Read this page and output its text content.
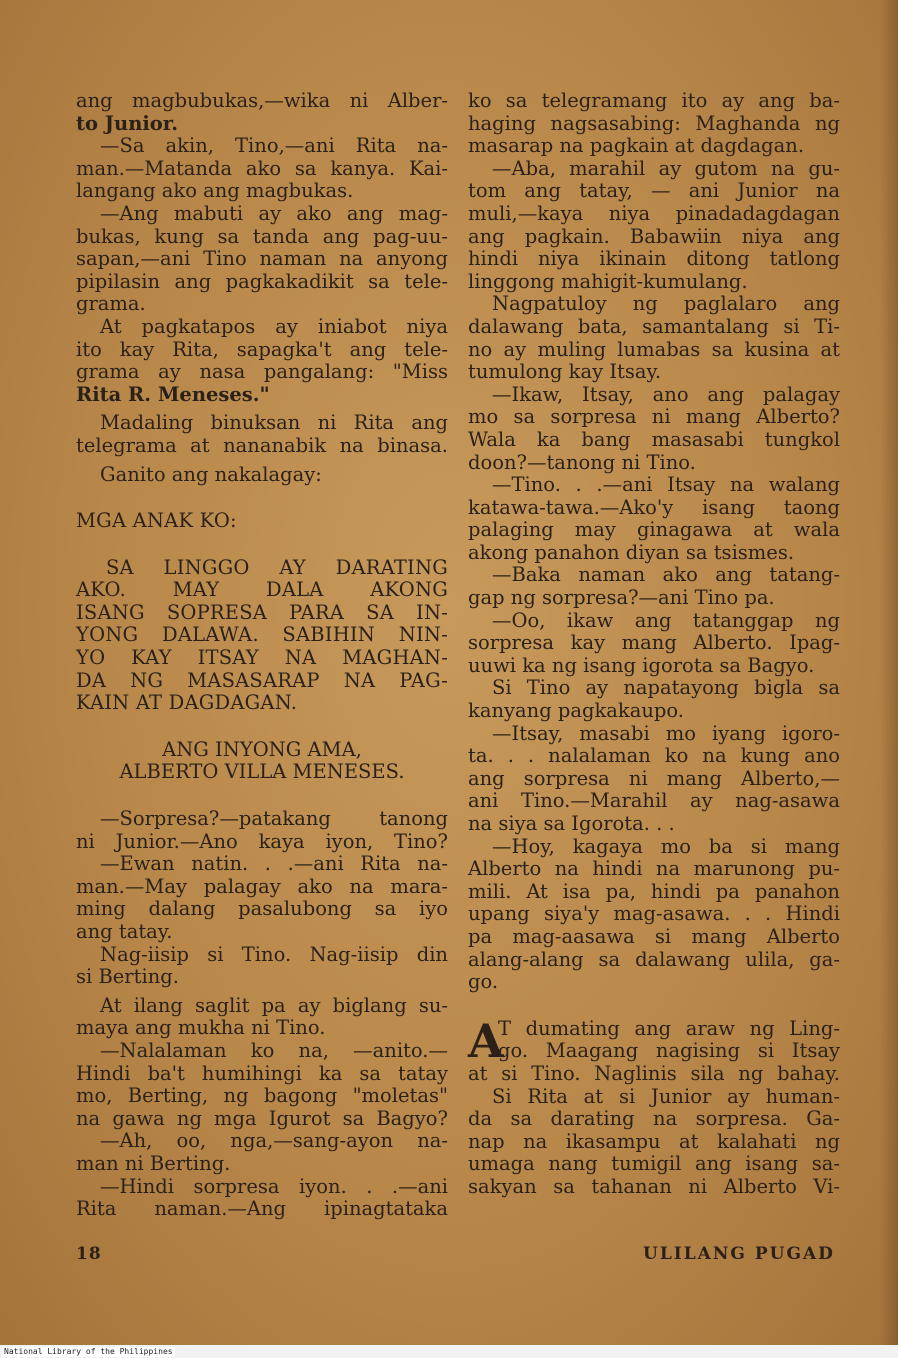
ang magbubukas,—wika ni Alber-
to Junior.
—Sa akin, Tino,—ani Rita na-
man.—Matanda ako sa kanya. Kai-
langang ako ang magbukas.
—Ang mabuti ay ako ang mag-
bukas, kung sa tanda ang pag-uu-
sapan,—ani Tino naman na anyong
pipilasin ang pagkakadikit sa tele-
grama.
At pagkatapos ay iniabot niya
ito kay Rita, sapagka't ang tele-
grama ay nasa pangalang: "Miss
Rita R. Meneses."
Madaling binuksan ni Rita ang
telegrama at nananabik na binasa.
Ganito ang nakalagay:
MGA ANAK KO:
SA LINGGO AY DARATING
AKO. MAY DALA AKONG
ISANG SOPRESA PARA SA IN-
YONG DALAWA. SABIHIN NIN-
YO KAY ITSAY NA MAGHAN-
DA NG MASASARAP NA PAG-
KAIN AT DAGDAGAN.
ANG INYONG AMA,
ALBERTO VILLA MENESES.
—Sorpresa?—patakang tanong
ni Junior.—Ano kaya iyon, Tino?
—Ewan natin. . .—ani Rita na-
man.—May palagay ako na mara-
ming dalang pasalubong sa iyo
ang tatay.
Nag-iisip si Tino. Nag-iisip din
si Berting.
At ilang saglit pa ay biglang su-
maya ang mukha ni Tino.
—Nalalaman ko na, —anito.—
Hindi ba't humihingi ka sa tatay
mo, Berting, ng bagong "moletas"
na gawa ng mga Igurot sa Bagyo?
—Ah, oo, nga,—sang-ayon na-
man ni Berting.
—Hindi sorpresa iyon. . .—ani
Rita naman.—Ang ipinagtataka
ko sa telegramang ito ay ang ba-
haging nagsasabing: Maghanda ng
masarap na pagkain at dagdagan.
—Aba, marahil ay gutom na gu-
tom ang tatay, — ani Junior na
muli,—kaya niya pinadadagdagan
ang pagkain. Babawiin niya ang
hindi niya ikinain ditong tatlong
linggong mahigit-kumulang.
Nagpatuloy ng paglalaro ang
dalawang bata, samantalang si Ti-
no ay muling lumabas sa kusina at
tumulong kay Itsay.
—Ikaw, Itsay, ano ang palagay
mo sa sorpresa ni mang Alberto?
Wala ka bang masasabi tungkol
doon?—tanong ni Tino.
—Tino. . .—ani Itsay na walang
katawa-tawa.—Ako'y isang taong
palaging may ginagawa at wala
akong panahon diyan sa tsismes.
—Baka naman ako ang tatang-
gap ng sorpresa?—ani Tino pa.
—Oo, ikaw ang tatanggap ng
sorpresa kay mang Alberto. Ipag-
uuwi ka ng isang igorota sa Bagyo.
Si Tino ay napatayong bigla sa
kanyang pagkakaupo.
—Itsay, masabi mo iyang igoro-
ta. . . nalalaman ko na kung ano
ang sorpresa ni mang Alberto,—
ani Tino.—Marahil ay nag-asawa
na siya sa Igorota. . .
—Hoy, kagaya mo ba si mang
Alberto na hindi na marunong pu-
mili. At isa pa, hindi pa panahon
upang siya'y mag-asawa. . . Hindi
pa mag-aasawa si mang Alberto
alang-alang sa dalawang ulila, ga-
go.
A
T dumating ang araw ng Ling-
go. Maagang nagising si Itsay
at si Tino. Naglinis sila ng bahay.
Si Rita at si Junior ay human-
da sa darating na sorpresa. Ga-
nap na ikasampu at kalahati ng
umaga nang tumigil ang isang sa-
sakyan sa tahanan ni Alberto Vi-
18	ULILANG PUGAD
National Library of the Philippines
